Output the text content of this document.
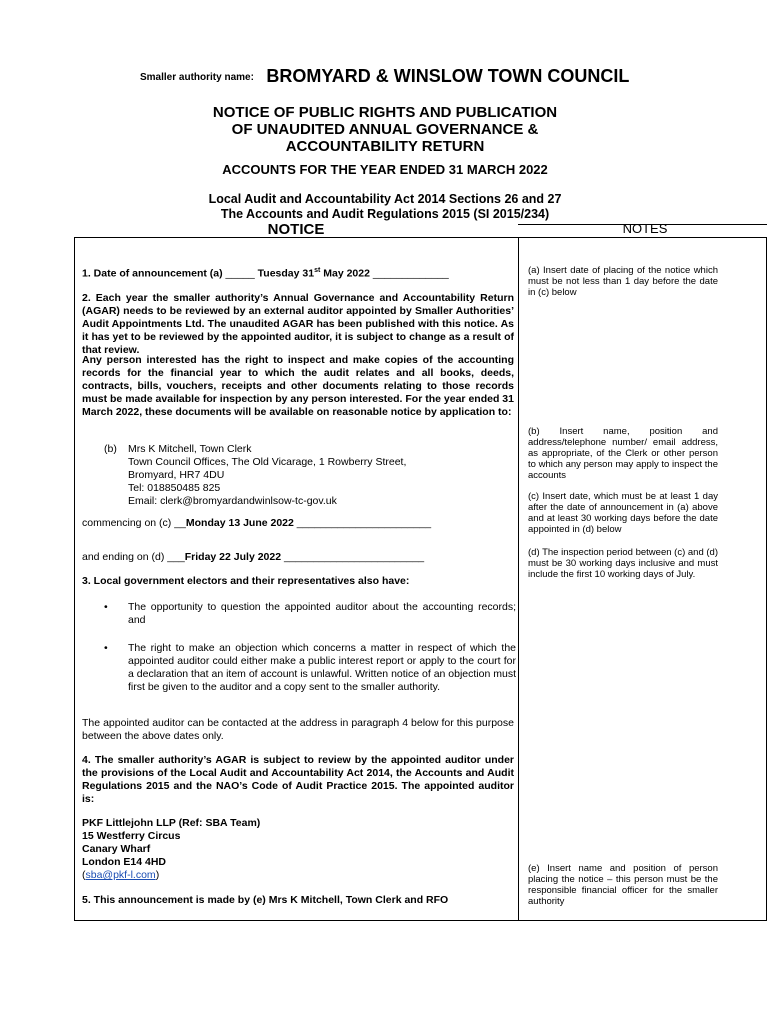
Smaller authority name: BROMYARD & WINSLOW TOWN COUNCIL
NOTICE OF PUBLIC RIGHTS AND PUBLICATION
OF UNAUDITED ANNUAL GOVERNANCE &
ACCOUNTABILITY RETURN
ACCOUNTS FOR THE YEAR ENDED 31 MARCH 2022
Local Audit and Accountability Act 2014 Sections 26 and 27
The Accounts and Audit Regulations 2015 (SI 2015/234)
NOTICE	NOTES
1. Date of announcement (a) _____ Tuesday 31st May 2022 _____________
2. Each year the smaller authority’s Annual Governance and Accountability Return (AGAR) needs to be reviewed by an external auditor appointed by Smaller Authorities’ Audit Appointments Ltd. The unaudited AGAR has been published with this notice. As it has yet to be reviewed by the appointed auditor, it is subject to change as a result of that review.
Any person interested has the right to inspect and make copies of the accounting records for the financial year to which the audit relates and all books, deeds, contracts, bills, vouchers, receipts and other documents relating to those records must be made available for inspection by any person interested. For the year ended 31 March 2022, these documents will be available on reasonable notice by application to:
(b) Mrs K Mitchell, Town Clerk
Town Council Offices, The Old Vicarage, 1 Rowberry Street,
Bromyard, HR7 4DU
Tel: 018850485 825
Email: clerk@bromyardandwinlsow-tc-gov.uk
commencing on (c) __Monday 13 June 2022 _______________________
and ending on (d) ___Friday 22 July 2022 ________________________
3. Local government electors and their representatives also have:
• The opportunity to question the appointed auditor about the accounting records; and
• The right to make an objection which concerns a matter in respect of which the appointed auditor could either make a public interest report or apply to the court for a declaration that an item of account is unlawful. Written notice of an objection must first be given to the auditor and a copy sent to the smaller authority.
The appointed auditor can be contacted at the address in paragraph 4 below for this purpose between the above dates only.
4. The smaller authority’s AGAR is subject to review by the appointed auditor under the provisions of the Local Audit and Accountability Act 2014, the Accounts and Audit Regulations 2015 and the NAO’s Code of Audit Practice 2015. The appointed auditor is:
PKF Littlejohn LLP (Ref: SBA Team)
15 Westferry Circus
Canary Wharf
London E14 4HD
(sba@pkf-l.com)
5. This announcement is made by (e) Mrs K Mitchell, Town Clerk and RFO
(a) Insert date of placing of the notice which must be not less than 1 day before the date in (c) below
(b) Insert name, position and address/telephone number/ email address, as appropriate, of the Clerk or other person to which any person may apply to inspect the accounts
(c) Insert date, which must be at least 1 day after the date of announcement in (a) above and at least 30 working days before the date appointed in (d) below
(d) The inspection period between (c) and (d) must be 30 working days inclusive and must include the first 10 working days of July.
(e) Insert name and position of person placing the notice – this person must be the responsible financial officer for the smaller authority
